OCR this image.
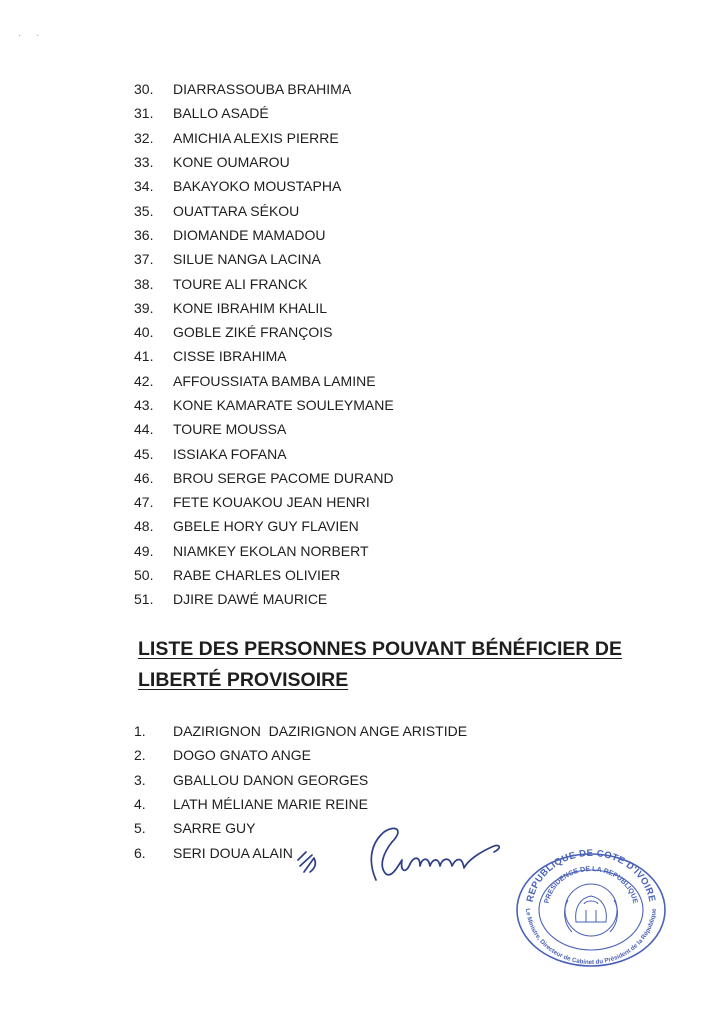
· ·
30.	DIARRASSOUBA BRAHIMA
31.	BALLO ASADÉ
32.	AMICHIA ALEXIS PIERRE
33.	KONE OUMAROU
34.	BAKAYOKO MOUSTAPHA
35.	OUATTARA SÉKOU
36.	DIOMANDE MAMADOU
37.	SILUE NANGA LACINA
38.	TOURE ALI FRANCK
39.	KONE IBRAHIM KHALIL
40.	GOBLE ZIKÉ FRANÇOIS
41.	CISSE IBRAHIMA
42.	AFFOUSSIATA BAMBA LAMINE
43.	KONE KAMARATE SOULEYMANE
44.	TOURE MOUSSA
45.	ISSIAKA FOFANA
46.	BROU SERGE PACOME DURAND
47.	FETE KOUAKOU JEAN HENRI
48.	GBELE HORY GUY FLAVIEN
49.	NIAMKEY EKOLAN NORBERT
50.	RABE CHARLES OLIVIER
51.	DJIRE DAWÉ MAURICE
LISTE DES PERSONNES POUVANT BÉNÉFICIER DE LIBERTÉ PROVISOIRE
1.	DAZIRIGNON  DAZIRIGNON ANGE ARISTIDE
2.	DOGO GNATO ANGE
3.	GBALLOU DANON GEORGES
4.	LATH MÉLIANE MARIE REINE
5.	SARRE GUY
6.	SERI DOUA ALAIN
REPUBLIQUE DE COTE D'IVOIRE
PRESIDENCE DE LA REPUBLIQUE
Le Ministre, Directeur de Cabinet du Président de la République
